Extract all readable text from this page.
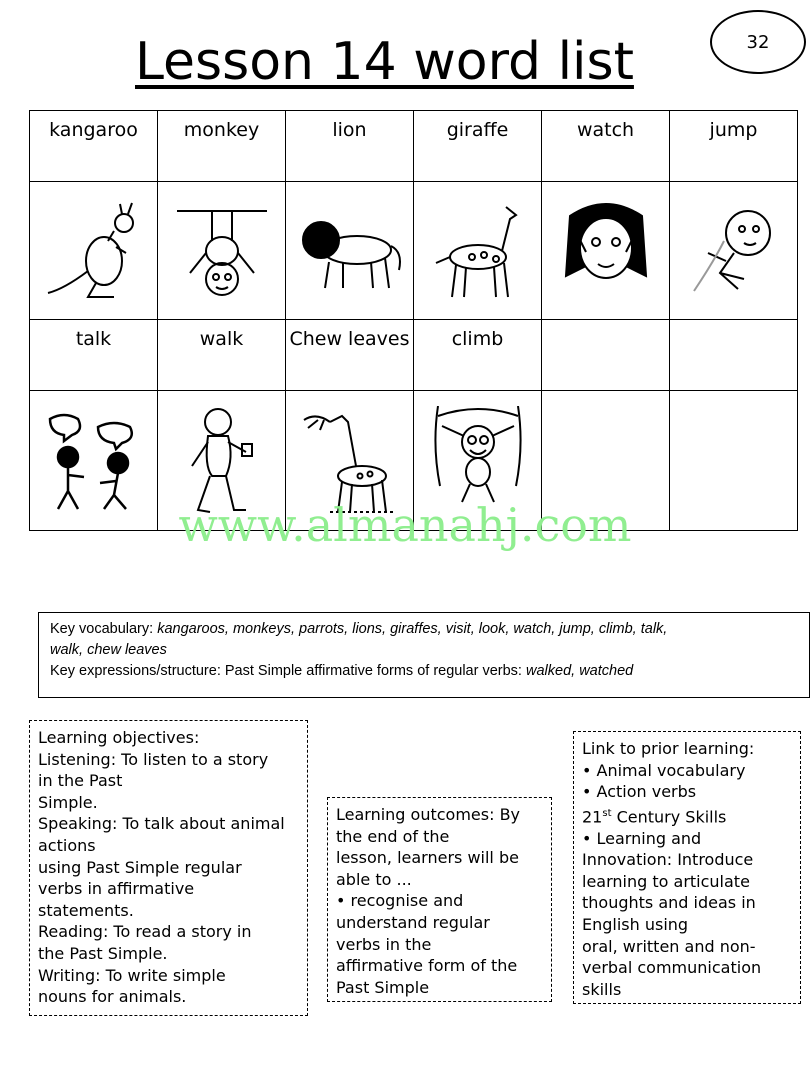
Lesson 14 word list	32
kangaroo	monkey	lion	giraffe	watch	jump

talk	walk	Chew leaves	climb		

www.almanahj.com
Key vocabulary: kangaroos, monkeys, parrots, lions, giraffes, visit, look, watch, jump, climb, talk,
walk, chew leaves
Key expressions/structure: Past Simple affirmative forms of regular verbs: walked, watched
Learning objectives:
Listening: To listen to a story
in the Past
Simple.
Speaking: To talk about animal
actions
using Past Simple regular
verbs in affirmative
statements.
Reading: To read a story in
the Past Simple.
Writing: To write simple
nouns for animals.
Learning outcomes: By
the end of the
lesson, learners will be
able to ...
• recognise and
understand regular
verbs in the
affirmative form of the
Past Simple
Link to prior learning:
• Animal vocabulary
• Action verbs
21st Century Skills
• Learning and
Innovation: Introduce
learning to articulate
thoughts and ideas in
English using
oral, written and non-
verbal communication
skills
